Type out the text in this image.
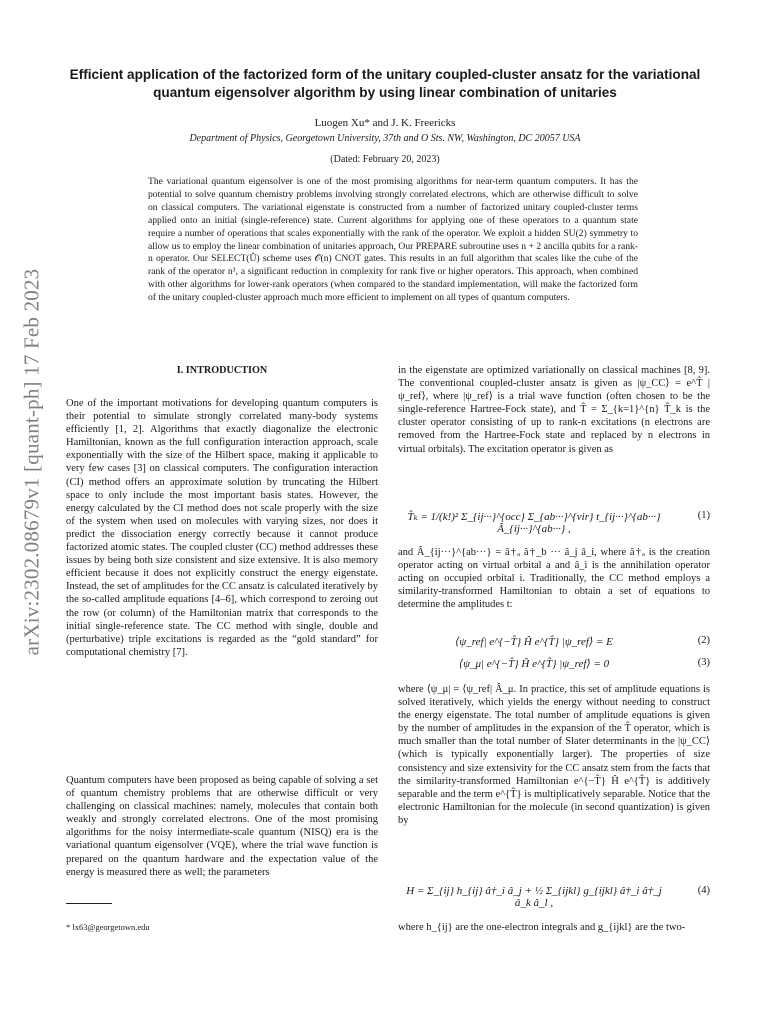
arXiv:2302.08679v1 [quant-ph] 17 Feb 2023
Efficient application of the factorized form of the unitary coupled-cluster ansatz for the variational quantum eigensolver algorithm by using linear combination of unitaries
Luogen Xu* and J. K. Freericks
Department of Physics, Georgetown University, 37th and O Sts. NW, Washington, DC 20057 USA
(Dated: February 20, 2023)
The variational quantum eigensolver is one of the most promising algorithms for near-term quantum computers. It has the potential to solve quantum chemistry problems involving strongly correlated electrons, which are otherwise difficult to solve on classical computers. The variational eigenstate is constructed from a number of factorized unitary coupled-cluster terms applied onto an initial (single-reference) state. Current algorithms for applying one of these operators to a quantum state require a number of operations that scales exponentially with the rank of the operator. We exploit a hidden SU(2) symmetry to allow us to employ the linear combination of unitaries approach, Our PREPARE subroutine uses n + 2 ancilla qubits for a rank-n operator. Our SELECT(Û) scheme uses 𝒪(n) CNOT gates. This results in an full algorithm that scales like the cube of the rank of the operator n³, a significant reduction in complexity for rank five or higher operators. This approach, when combined with other algorithms for lower-rank operators (when compared to the standard implementation, will make the factorized form of the unitary coupled-cluster approach much more efficient to implement on all types of quantum computers.
I. INTRODUCTION
One of the important motivations for developing quantum computers is their potential to simulate strongly correlated many-body systems efficiently [1, 2]. Algorithms that exactly diagonalize the electronic Hamiltonian, known as the full configuration interaction approach, scale exponentially with the size of the Hilbert space, making it applicable to very few cases [3] on classical computers. The configuration interaction (CI) method offers an approximate solution by truncating the Hilbert space to only include the most important basis states. However, the energy calculated by the CI method does not scale properly with the size of the system when used on molecules with varying sizes, nor does it predict the dissociation energy correctly because it cannot produce factorized atomic states. The coupled cluster (CC) method addresses these issues by being both size consistent and size extensive. It is also memory efficient because it does not explicitly construct the energy eigenstate. Instead, the set of amplitudes for the CC ansatz is calculated iteratively by the so-called amplitude equations [4–6], which correspond to zeroing out the row (or column) of the Hamiltonian matrix that corresponds to the initial single-reference state. The CC method with single, double and (perturbative) triple excitations is regarded as the “gold standard” for computational chemistry [7].
Quantum computers have been proposed as being capable of solving a set of quantum chemistry problems that are otherwise difficult or very challenging on classical machines: namely, molecules that contain both weakly and strongly correlated electrons. One of the most promising algorithms for the noisy intermediate-scale quantum (NISQ) era is the variational quantum eigensolver (VQE), where the trial wave function is prepared on the quantum hardware and the expectation value of the energy is measured there as well; the parameters
in the eigenstate are optimized variationally on classical machines [8, 9]. The conventional coupled-cluster ansatz is given as |ψ_CC⟩ = e^T̂ |ψ_ref⟩, where |ψ_ref⟩ is a trial wave function (often chosen to be the single-reference Hartree-Fock state), and T̂ = Σ_{k=1}^{n} T̂_k is the cluster operator consisting of up to rank-n excitations (n electrons are removed from the Hartree-Fock state and replaced by n electrons in virtual orbitals). The excitation operator is given as
T̂ₖ = 1/(k!)² Σ_{ij···}^{occ} Σ_{ab···}^{vir} t_{ij···}^{ab···} Â_{ij···}^{ab···} ,
(1)
and Â_{ij···}^{ab···} = â†ₐ â†_b ··· â_j â_i, where â†ₐ is the creation operator acting on virtual orbital a and â_i is the annihilation operator acting on occupied orbital i. Traditionally, the CC method employs a similarity-transformed Hamiltonian to obtain a set of equations to determine the amplitudes t:
⟨ψ_ref| e^{−T̂} Ĥ e^{T̂} |ψ_ref⟩ = E	(2)
⟨ψ_μ| e^{−T̂} Ĥ e^{T̂} |ψ_ref⟩ = 0	(3)
where ⟨ψ_μ| = ⟨ψ_ref| Â_μ. In practice, this set of amplitude equations is solved iteratively, which yields the energy without needing to construct the energy eigenstate. The total number of amplitude equations is given by the number of amplitudes in the expansion of the T̂ operator, which is much smaller than the total number of Slater determinants in the |ψ_CC⟩ (which is typically exponentially larger). The properties of size consistency and size extensivity for the CC ansatz stem from the facts that the similarity-transformed Hamiltonian e^{−T̂} Ĥ e^{T̂} is additively separable and the term e^{T̂} is multiplicatively separable. Notice that the electronic Hamiltonian for the molecule (in second quantization) is given by
H = Σ_{ij} h_{ij} â†_i â_j + ½ Σ_{ijkl} g_{ijkl} â†_i â†_j â_k â_l ,
(4)
where h_{ij} are the one-electron integrals and g_{ijkl} are the two-
* lx63@georgetown.edu
